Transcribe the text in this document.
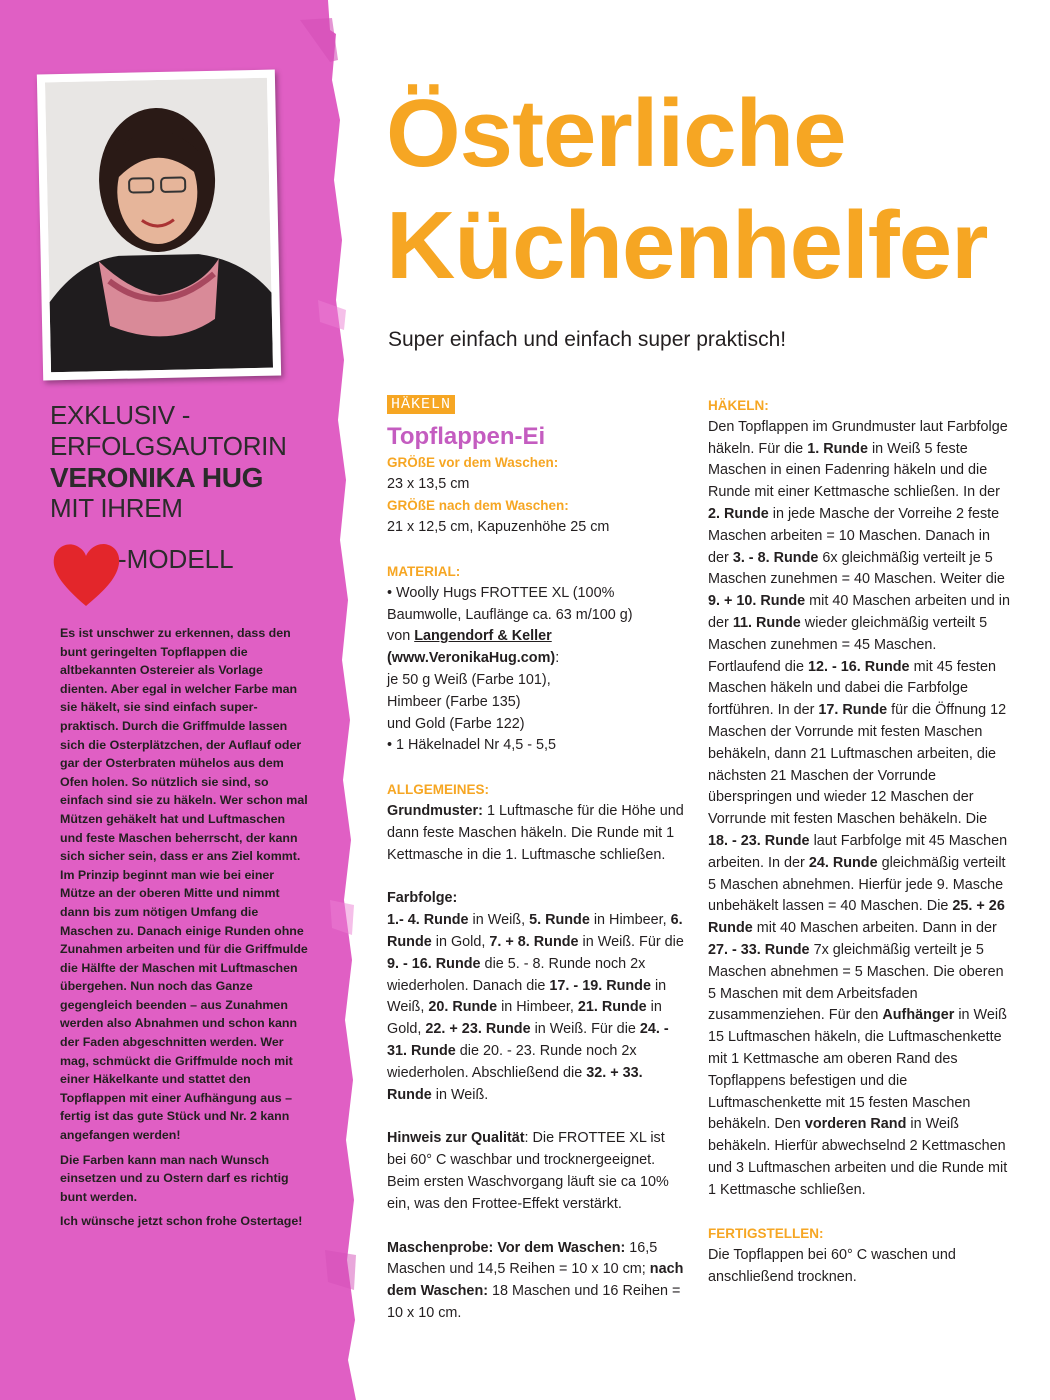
EXKLUSIV -
ERFOLGSAUTORIN
VERONIKA HUG
MIT IHREM
-MODELL

Es ist unschwer zu erkennen, dass den bunt geringelten Topflappen die altbekannten Ostereier als Vorlage dienten. Aber egal in welcher Farbe man sie häkelt, sie sind einfach super-praktisch. Durch die Griffmulde lassen sich die Osterplätzchen, der Auflauf oder gar der Osterbraten mühelos aus dem Ofen holen. So nützlich sie sind, so einfach sind sie zu häkeln. Wer schon mal Mützen gehäkelt hat und Luftmaschen und feste Maschen beherrscht, der kann sich sicher sein, dass er ans Ziel kommt. Im Prinzip beginnt man wie bei einer Mütze an der oberen Mitte und nimmt dann bis zum nötigen Umfang die Maschen zu. Danach einige Runden ohne Zunahmen arbeiten und für die Griffmulde die Hälfte der Maschen mit Luftmaschen übergehen. Nun noch das Ganze gegengleich beenden – aus Zunahmen werden also Abnahmen und schon kann der Faden abgeschnitten werden. Wer mag, schmückt die Griffmulde noch mit einer Häkelkante und stattet den Topflappen mit einer Aufhängung aus – fertig ist das gute Stück und Nr. 2 kann angefangen werden!

Die Farben kann man nach Wunsch einsetzen und zu Ostern darf es richtig bunt werden.

Ich wünsche jetzt schon frohe Ostertage!

Österliche
Küchenhelfer
Super einfach und einfach super praktisch!
HÄKELN
Topflappen-Ei
GRÖßE vor dem Waschen:
23 x 13,5 cm
GRÖßE nach dem Waschen:
21 x 12,5 cm, Kapuzenhöhe 25 cm
MATERIAL:
• Woolly Hugs FROTTEE XL (100% Baumwolle, Lauflänge ca. 63 m/100 g)
von Langendorf & Keller
(www.VeronikaHug.com):
je 50 g Weiß (Farbe 101),
Himbeer (Farbe 135)
und Gold (Farbe 122)
• 1 Häkelnadel Nr 4,5 - 5,5
ALLGEMEINES:
Grundmuster: 1 Luftmasche für die Höhe und dann feste Maschen häkeln. Die Runde mit 1 Kettmasche in die 1. Luftmasche schließen.
Farbfolge:
1.- 4. Runde in Weiß, 5. Runde in Himbeer, 6. Runde in Gold, 7. + 8. Runde in Weiß. Für die 9. - 16. Runde die 5. - 8. Runde noch 2x wiederholen. Danach die 17. - 19. Runde in Weiß, 20. Runde in Himbeer, 21. Runde in Gold, 22. + 23. Runde in Weiß. Für die 24. - 31. Runde die 20. - 23. Runde noch 2x wiederholen. Abschließend die 32. + 33. Runde in Weiß.
Hinweis zur Qualität: Die FROTTEE XL ist bei 60° C waschbar und trocknergeeignet. Beim ersten Waschvorgang läuft sie ca 10% ein, was den Frottee-Effekt verstärkt.
Maschenprobe: Vor dem Waschen: 16,5 Maschen und 14,5 Reihen = 10 x 10 cm; nach dem Waschen: 18 Maschen und 16 Reihen = 10 x 10 cm.
HÄKELN:
Den Topflappen im Grundmuster laut Farbfolge häkeln. Für die 1. Runde in Weiß 5 feste Maschen in einen Fadenring häkeln und die Runde mit einer Kettmasche schließen. In der 2. Runde in jede Masche der Vorreihe 2 feste Maschen arbeiten = 10 Maschen. Danach in der 3. - 8. Runde 6x gleichmäßig verteilt je 5 Maschen zunehmen = 40 Maschen. Weiter die 9. + 10. Runde mit 40 Maschen arbeiten und in der 11. Runde wieder gleichmäßig verteilt 5 Maschen zunehmen = 45 Maschen. Fortlaufend die 12. - 16. Runde mit 45 festen Maschen häkeln und dabei die Farbfolge fortführen. In der 17. Runde für die Öffnung 12 Maschen der Vorrunde mit festen Maschen behäkeln, dann 21 Luftmaschen arbeiten, die nächsten 21 Maschen der Vorrunde überspringen und wieder 12 Maschen der Vorrunde mit festen Maschen behäkeln. Die 18. - 23. Runde laut Farbfolge mit 45 Maschen arbeiten. In der 24. Runde gleichmäßig verteilt 5 Maschen abnehmen. Hierfür jede 9. Masche unbehäkelt lassen = 40 Maschen. Die 25. + 26 Runde mit 40 Maschen arbeiten. Dann in der 27. - 33. Runde 7x gleichmäßig verteilt je 5 Maschen abnehmen = 5 Maschen. Die oberen 5 Maschen mit dem Arbeitsfaden zusammenziehen. Für den Aufhänger in Weiß 15 Luftmaschen häkeln, die Luftmaschenkette mit 1 Kettmasche am oberen Rand des Topflappens befestigen und die Luftmaschenkette mit 15 festen Maschen behäkeln. Den vorderen Rand in Weiß behäkeln. Hierfür abwechselnd 2 Kettmaschen und 3 Luftmaschen arbeiten und die Runde mit 1 Kettmasche schließen.
FERTIGSTELLEN:
Die Topflappen bei 60° C waschen und anschließend trocknen.
